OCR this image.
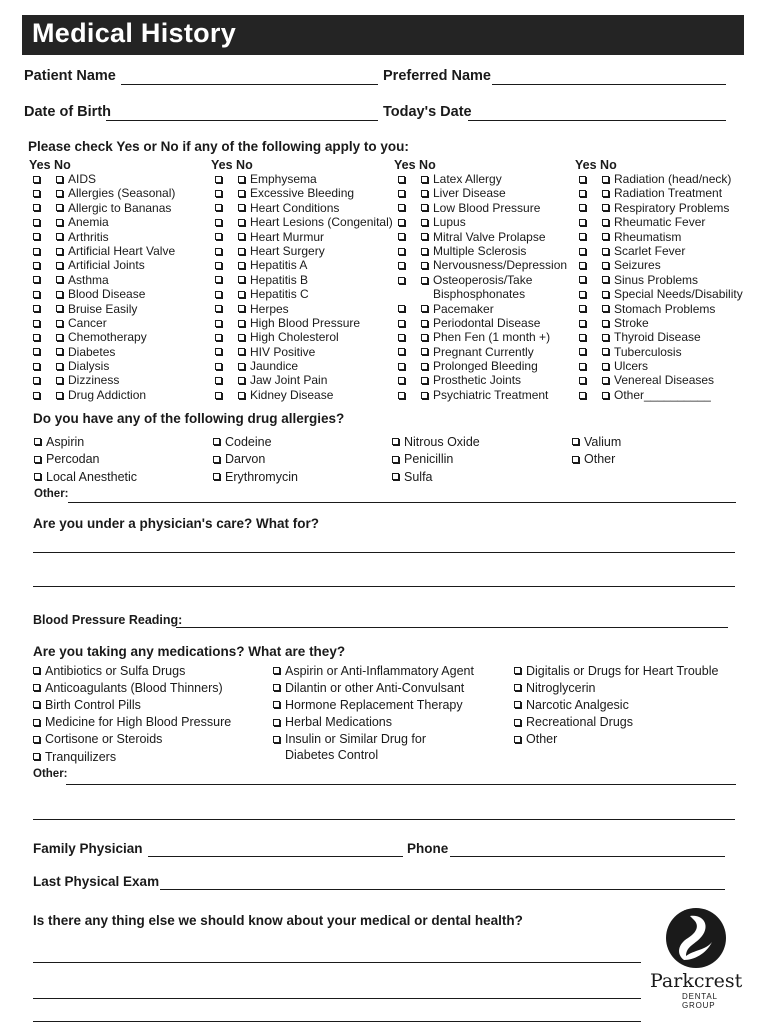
Medical History
Patient Name	Preferred Name
Date of Birth	Today's Date
Please check Yes or No if any of the following apply to you:
Yes No
AIDS
Allergies (Seasonal)
Allergic to Bananas
Anemia
Arthritis
Artificial Heart Valve
Artificial Joints
Asthma
Blood Disease
Bruise Easily
Cancer
Chemotherapy
Diabetes
Dialysis
Dizziness
Drug Addiction
Yes No
Emphysema
Excessive Bleeding
Heart Conditions
Heart Lesions (Congenital)
Heart Murmur
Heart Surgery
Hepatitis A
Hepatitis B
Hepatitis C
Herpes
High Blood Pressure
High Cholesterol
HIV Positive
Jaundice
Jaw Joint Pain
Kidney Disease
Yes No
Latex Allergy
Liver Disease
Low Blood Pressure
Lupus
Mitral Valve Prolapse
Multiple Sclerosis
Nervousness/Depression
Osteoperosis/Take
Bisphosphonates
Pacemaker
Periodontal Disease
Phen Fen (1 month +)
Pregnant Currently
Prolonged Bleeding
Prosthetic Joints
Psychiatric Treatment
Yes No
Radiation (head/neck)
Radiation Treatment
Respiratory Problems
Rheumatic Fever
Rheumatism
Scarlet Fever
Seizures
Sinus Problems
Special Needs/Disability
Stomach Problems
Stroke
Thyroid Disease
Tuberculosis
Ulcers
Venereal Diseases
Other__________
Do you have any of the following drug allergies?
Aspirin
Percodan
Local Anesthetic
Codeine
Darvon
Erythromycin
Nitrous Oxide
Penicillin
Sulfa
Valium
Other
Other:
Are you under a physician's care? What for?
Blood Pressure Reading:
Are you taking any medications? What are they?
Antibiotics or Sulfa Drugs
Anticoagulants (Blood Thinners)
Birth Control Pills
Medicine for High Blood Pressure
Cortisone or Steroids
Tranquilizers
Aspirin or Anti-Inflammatory Agent
Dilantin or other Anti-Convulsant
Hormone Replacement Therapy
Herbal Medications
Insulin or Similar Drug for
Diabetes Control
Digitalis or Drugs for Heart Trouble
Nitroglycerin
Narcotic Analgesic
Recreational Drugs
Other
Other:
Family Physician	Phone
Last Physical Exam
Is there any thing else we should know about your medical or dental health?
Parkcrest
DENTAL GROUP
